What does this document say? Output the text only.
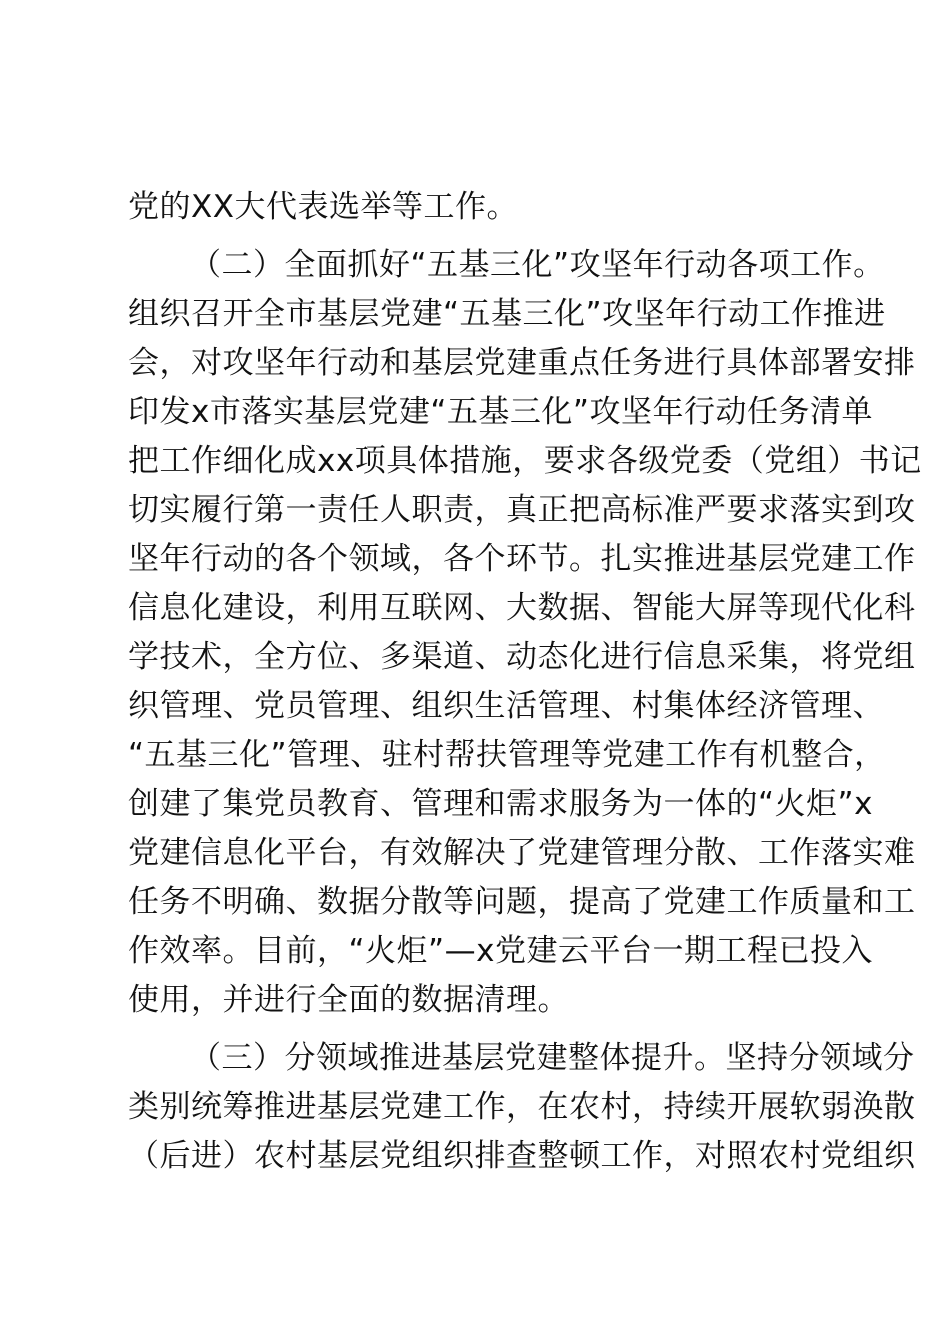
党的XX大代表选举等工作。
（二）全面抓好“五基三化”攻坚年行动各项工作。
组织召开全市基层党建“五基三化”攻坚年行动工作推进
会，对攻坚年行动和基层党建重点任务进行具体部署安排
印发x市落实基层党建“五基三化”攻坚年行动任务清单
把工作细化成xx项具体措施，要求各级党委（党组）书记
切实履行第一责任人职责，真正把高标准严要求落实到攻
坚年行动的各个领域，各个环节。扎实推进基层党建工作
信息化建设，利用互联网、大数据、智能大屏等现代化科
学技术，全方位、多渠道、动态化进行信息采集，将党组
织管理、党员管理、组织生活管理、村集体经济管理、
“五基三化”管理、驻村帮扶管理等党建工作有机整合，
创建了集党员教育、管理和需求服务为一体的“火炬”x
党建信息化平台，有效解决了党建管理分散、工作落实难
任务不明确、数据分散等问题，提高了党建工作质量和工
作效率。目前，“火炬”—x党建云平台一期工程已投入
使用，并进行全面的数据清理。
（三）分领域推进基层党建整体提升。坚持分领域分
类别统筹推进基层党建工作，在农村，持续开展软弱涣散
（后进）农村基层党组织排查整顿工作，对照农村党组织
